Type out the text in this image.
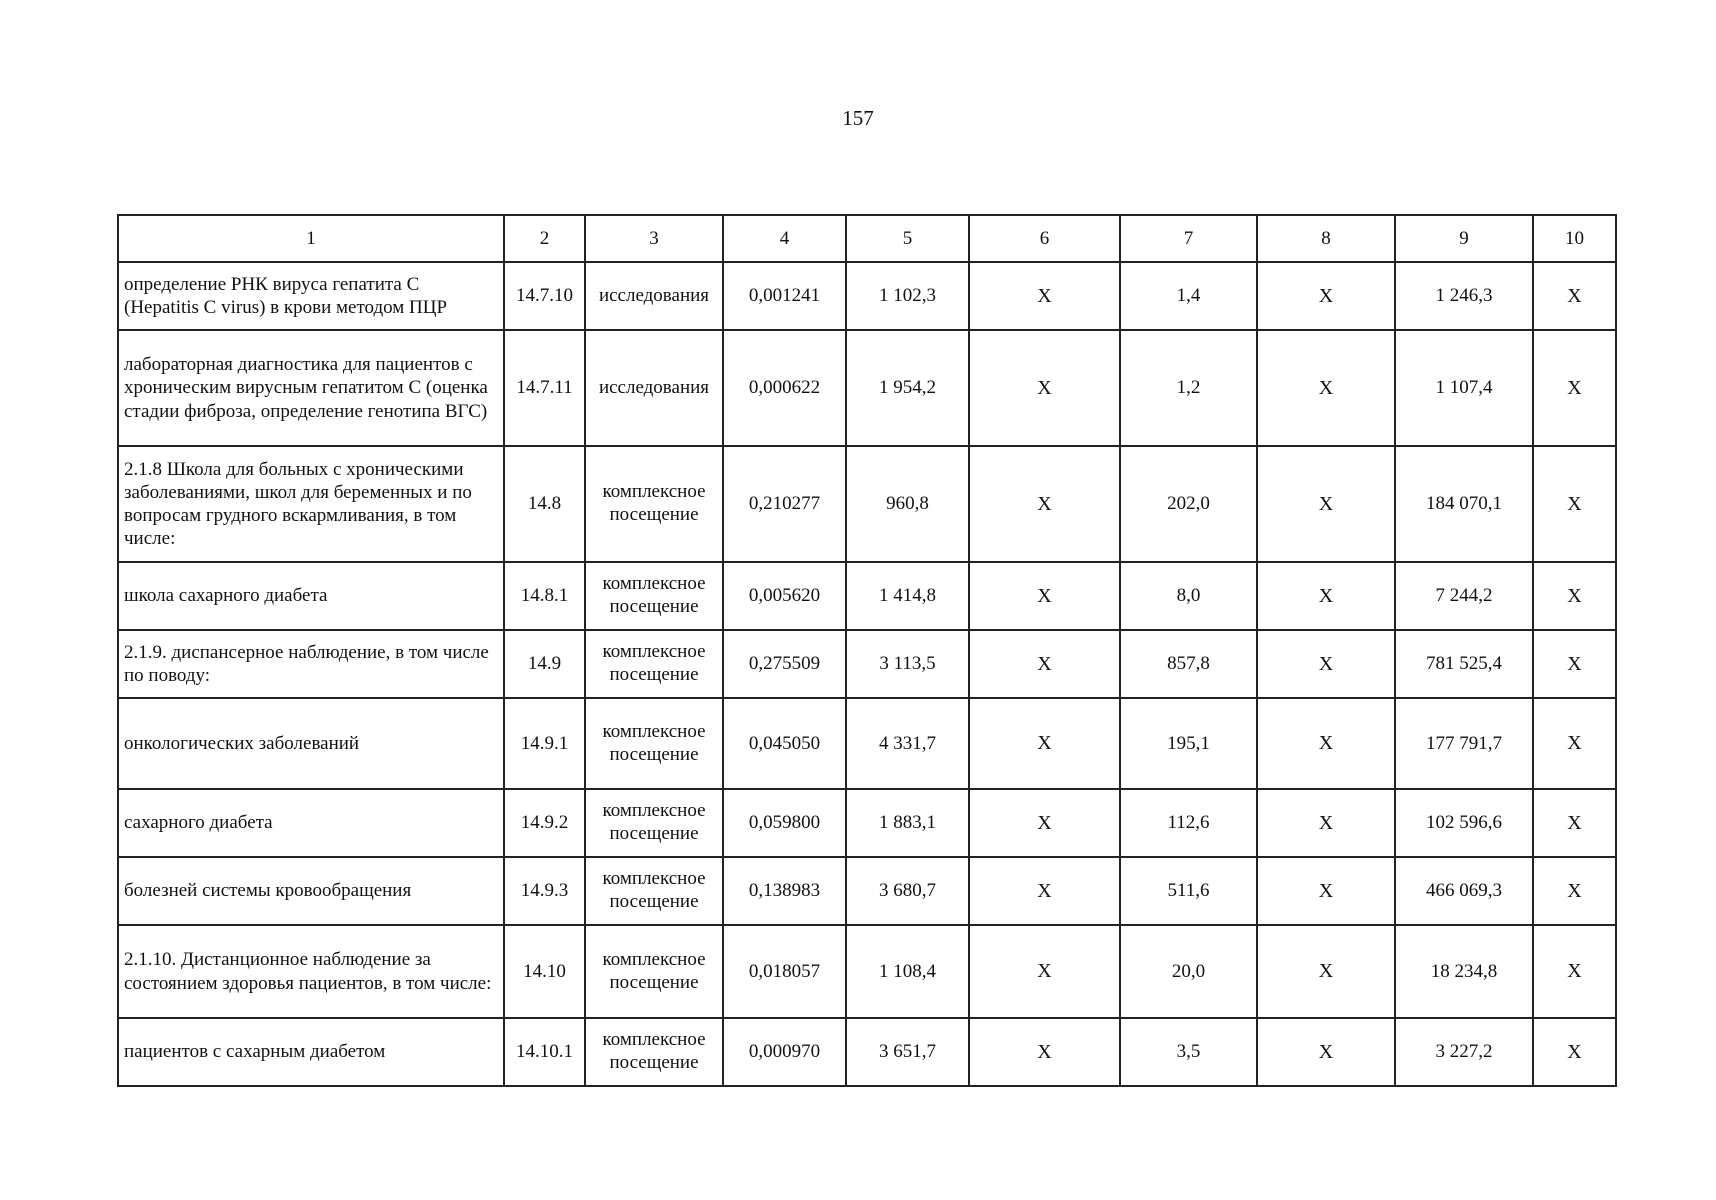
157
1	2	3	4	5	6	7	8	9	10
определение РНК вируса гепатита С (Hepatitis C virus) в крови методом ПЦР	14.7.10	исследования	0,001241	1 102,3	X	1,4	X	1 246,3	X
лабораторная диагностика для пациентов с хроническим вирусным гепатитом С (оценка стадии фиброза, определение генотипа ВГС)	14.7.11	исследования	0,000622	1 954,2	X	1,2	X	1 107,4	X
2.1.8 Школа для больных с хроническими заболеваниями, школ для беременных и по вопросам грудного вскармливания, в том числе:	14.8	комплексное посещение	0,210277	960,8	X	202,0	X	184 070,1	X
школа сахарного диабета	14.8.1	комплексное посещение	0,005620	1 414,8	X	8,0	X	7 244,2	X
2.1.9. диспансерное наблюдение, в том числе по поводу:	14.9	комплексное посещение	0,275509	3 113,5	X	857,8	X	781 525,4	X
онкологических заболеваний	14.9.1	комплексное посещение	0,045050	4 331,7	X	195,1	X	177 791,7	X
сахарного диабета	14.9.2	комплексное посещение	0,059800	1 883,1	X	112,6	X	102 596,6	X
болезней системы кровообращения	14.9.3	комплексное посещение	0,138983	3 680,7	X	511,6	X	466 069,3	X
2.1.10. Дистанционное наблюдение за состоянием здоровья пациентов, в том числе:	14.10	комплексное посещение	0,018057	1 108,4	X	20,0	X	18 234,8	X
пациентов с сахарным диабетом	14.10.1	комплексное посещение	0,000970	3 651,7	X	3,5	X	3 227,2	X
